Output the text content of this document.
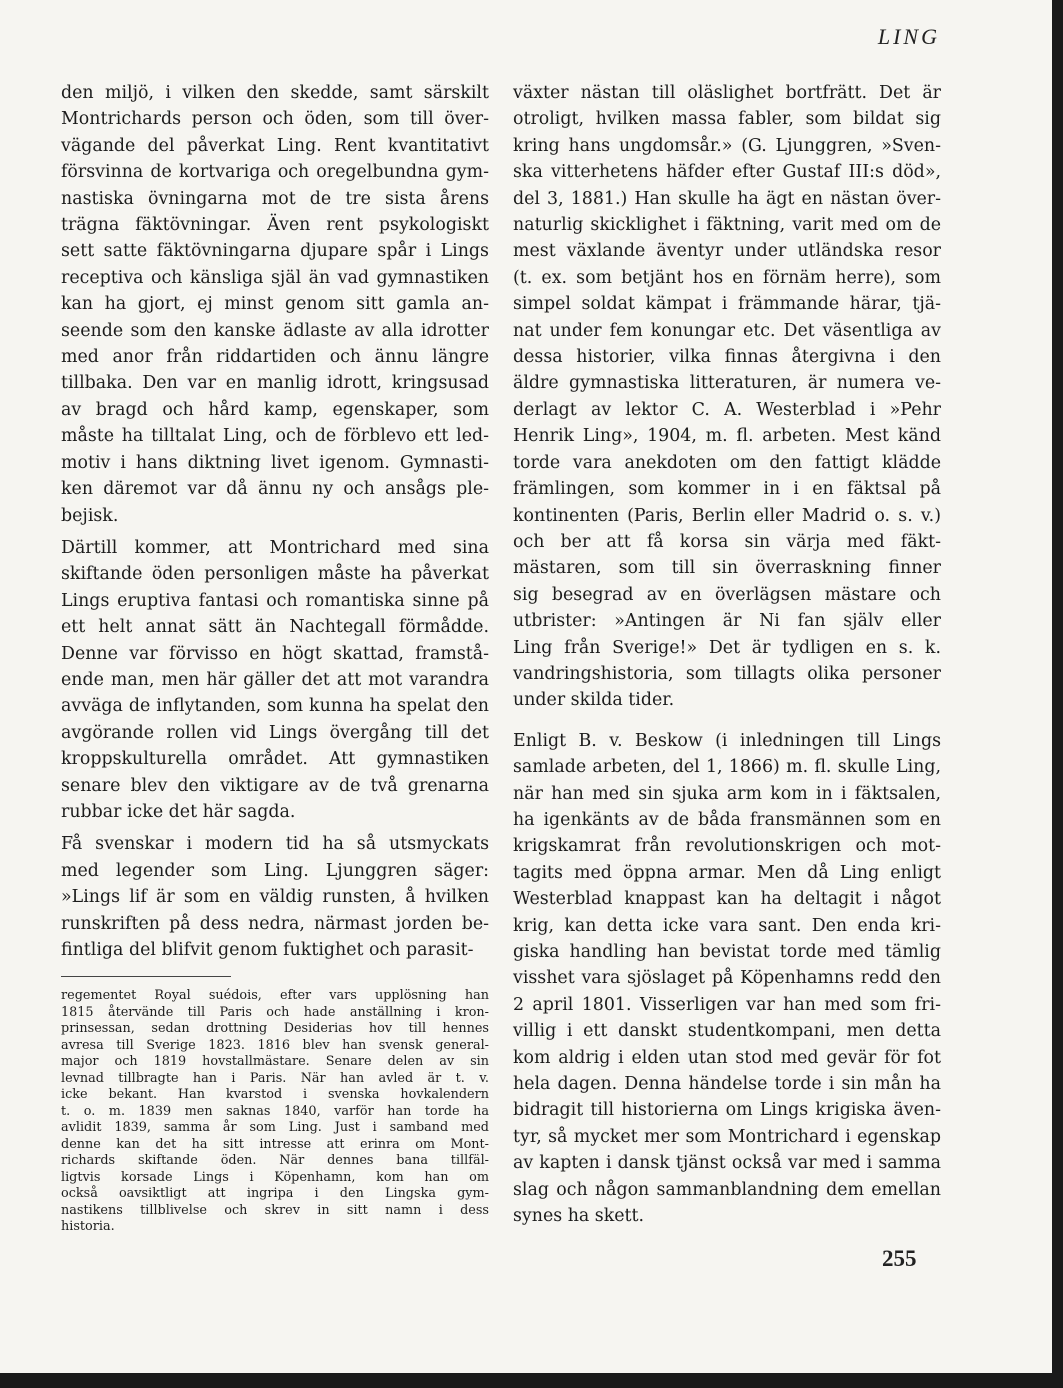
LING

den miljö, i vilken den skedde, samt särskilt
Montrichards person och öden, som till över-
vägande del påverkat Ling. Rent kvantitativt
försvinna de kortvariga och oregelbundna gym-
nastiska övningarna mot de tre sista årens
trägna fäktövningar. Även rent psykologiskt
sett satte fäktövningarna djupare spår i Lings
receptiva och känsliga själ än vad gymnastiken
kan ha gjort, ej minst genom sitt gamla an-
seende som den kanske ädlaste av alla idrotter
med anor från riddartiden och ännu längre
tillbaka. Den var en manlig idrott, kringsusad
av bragd och hård kamp, egenskaper, som
måste ha tilltalat Ling, och de förblevo ett led-
motiv i hans diktning livet igenom. Gymnasti-
ken däremot var då ännu ny och ansågs ple-
bejisk.

Därtill kommer, att Montrichard med sina
skiftande öden personligen måste ha påverkat
Lings eruptiva fantasi och romantiska sinne på
ett helt annat sätt än Nachtegall förmådde.
Denne var förvisso en högt skattad, framstå-
ende man, men här gäller det att mot varandra
avväga de inflytanden, som kunna ha spelat den
avgörande rollen vid Lings övergång till det
kroppskulturella området. Att gymnastiken
senare blev den viktigare av de två grenarna
rubbar icke det här sagda.

Få svenskar i modern tid ha så utsmyckats
med legender som Ling. Ljunggren säger:
»Lings lif är som en väldig runsten, å hvilken
runskriften på dess nedra, närmast jorden be-
fintliga del blifvit genom fuktighet och parasit-

regementet Royal suédois, efter vars upplösning han
1815 återvände till Paris och hade anställning i kron-
prinsessan, sedan drottning Desiderias hov till hennes
avresa till Sverige 1823. 1816 blev han svensk general-
major och 1819 hovstallmästare. Senare delen av sin
levnad tillbragte han i Paris. När han avled är t. v.
icke bekant. Han kvarstod i svenska hovkalendern
t. o. m. 1839 men saknas 1840, varför han torde ha
avlidit 1839, samma år som Ling. Just i samband med
denne kan det ha sitt intresse att erinra om Mont-
richards skiftande öden. När dennes bana tillfäl-
ligtvis korsade Lings i Köpenhamn, kom han om
också oavsiktligt att ingripa i den Lingska gym-
nastikens tillblivelse och skrev in sitt namn i dess
historia.

växter nästan till oläslighet bortfrätt. Det är
otroligt, hvilken massa fabler, som bildat sig
kring hans ungdomsår.» (G. Ljunggren, »Sven-
ska vitterhetens häfder efter Gustaf III:s död»,
del 3, 1881.) Han skulle ha ägt en nästan över-
naturlig skicklighet i fäktning, varit med om de
mest växlande äventyr under utländska resor
(t. ex. som betjänt hos en förnäm herre), som
simpel soldat kämpat i främmande härar, tjä-
nat under fem konungar etc. Det väsentliga av
dessa historier, vilka finnas återgivna i den
äldre gymnastiska litteraturen, är numera ve-
derlagt av lektor C. A. Westerblad i »Pehr
Henrik Ling», 1904, m. fl. arbeten. Mest känd
torde vara anekdoten om den fattigt klädde
främlingen, som kommer in i en fäktsal på
kontinenten (Paris, Berlin eller Madrid o. s. v.)
och ber att få korsa sin värja med fäkt-
mästaren, som till sin överraskning finner
sig besegrad av en överlägsen mästare och
utbrister: »Antingen är Ni fan själv eller
Ling från Sverige!» Det är tydligen en s. k.
vandringshistoria, som tillagts olika personer
under skilda tider.

Enligt B. v. Beskow (i inledningen till Lings
samlade arbeten, del 1, 1866) m. fl. skulle Ling,
när han med sin sjuka arm kom in i fäktsalen,
ha igenkänts av de båda fransmännen som en
krigskamrat från revolutionskrigen och mot-
tagits med öppna armar. Men då Ling enligt
Westerblad knappast kan ha deltagit i något
krig, kan detta icke vara sant. Den enda kri-
giska handling han bevistat torde med tämlig
visshet vara sjöslaget på Köpenhamns redd den
2 april 1801. Visserligen var han med som fri-
villig i ett danskt studentkompani, men detta
kom aldrig i elden utan stod med gevär för fot
hela dagen. Denna händelse torde i sin mån ha
bidragit till historierna om Lings krigiska även-
tyr, så mycket mer som Montrichard i egenskap
av kapten i dansk tjänst också var med i samma
slag och någon sammanblandning dem emellan
synes ha skett.

255
